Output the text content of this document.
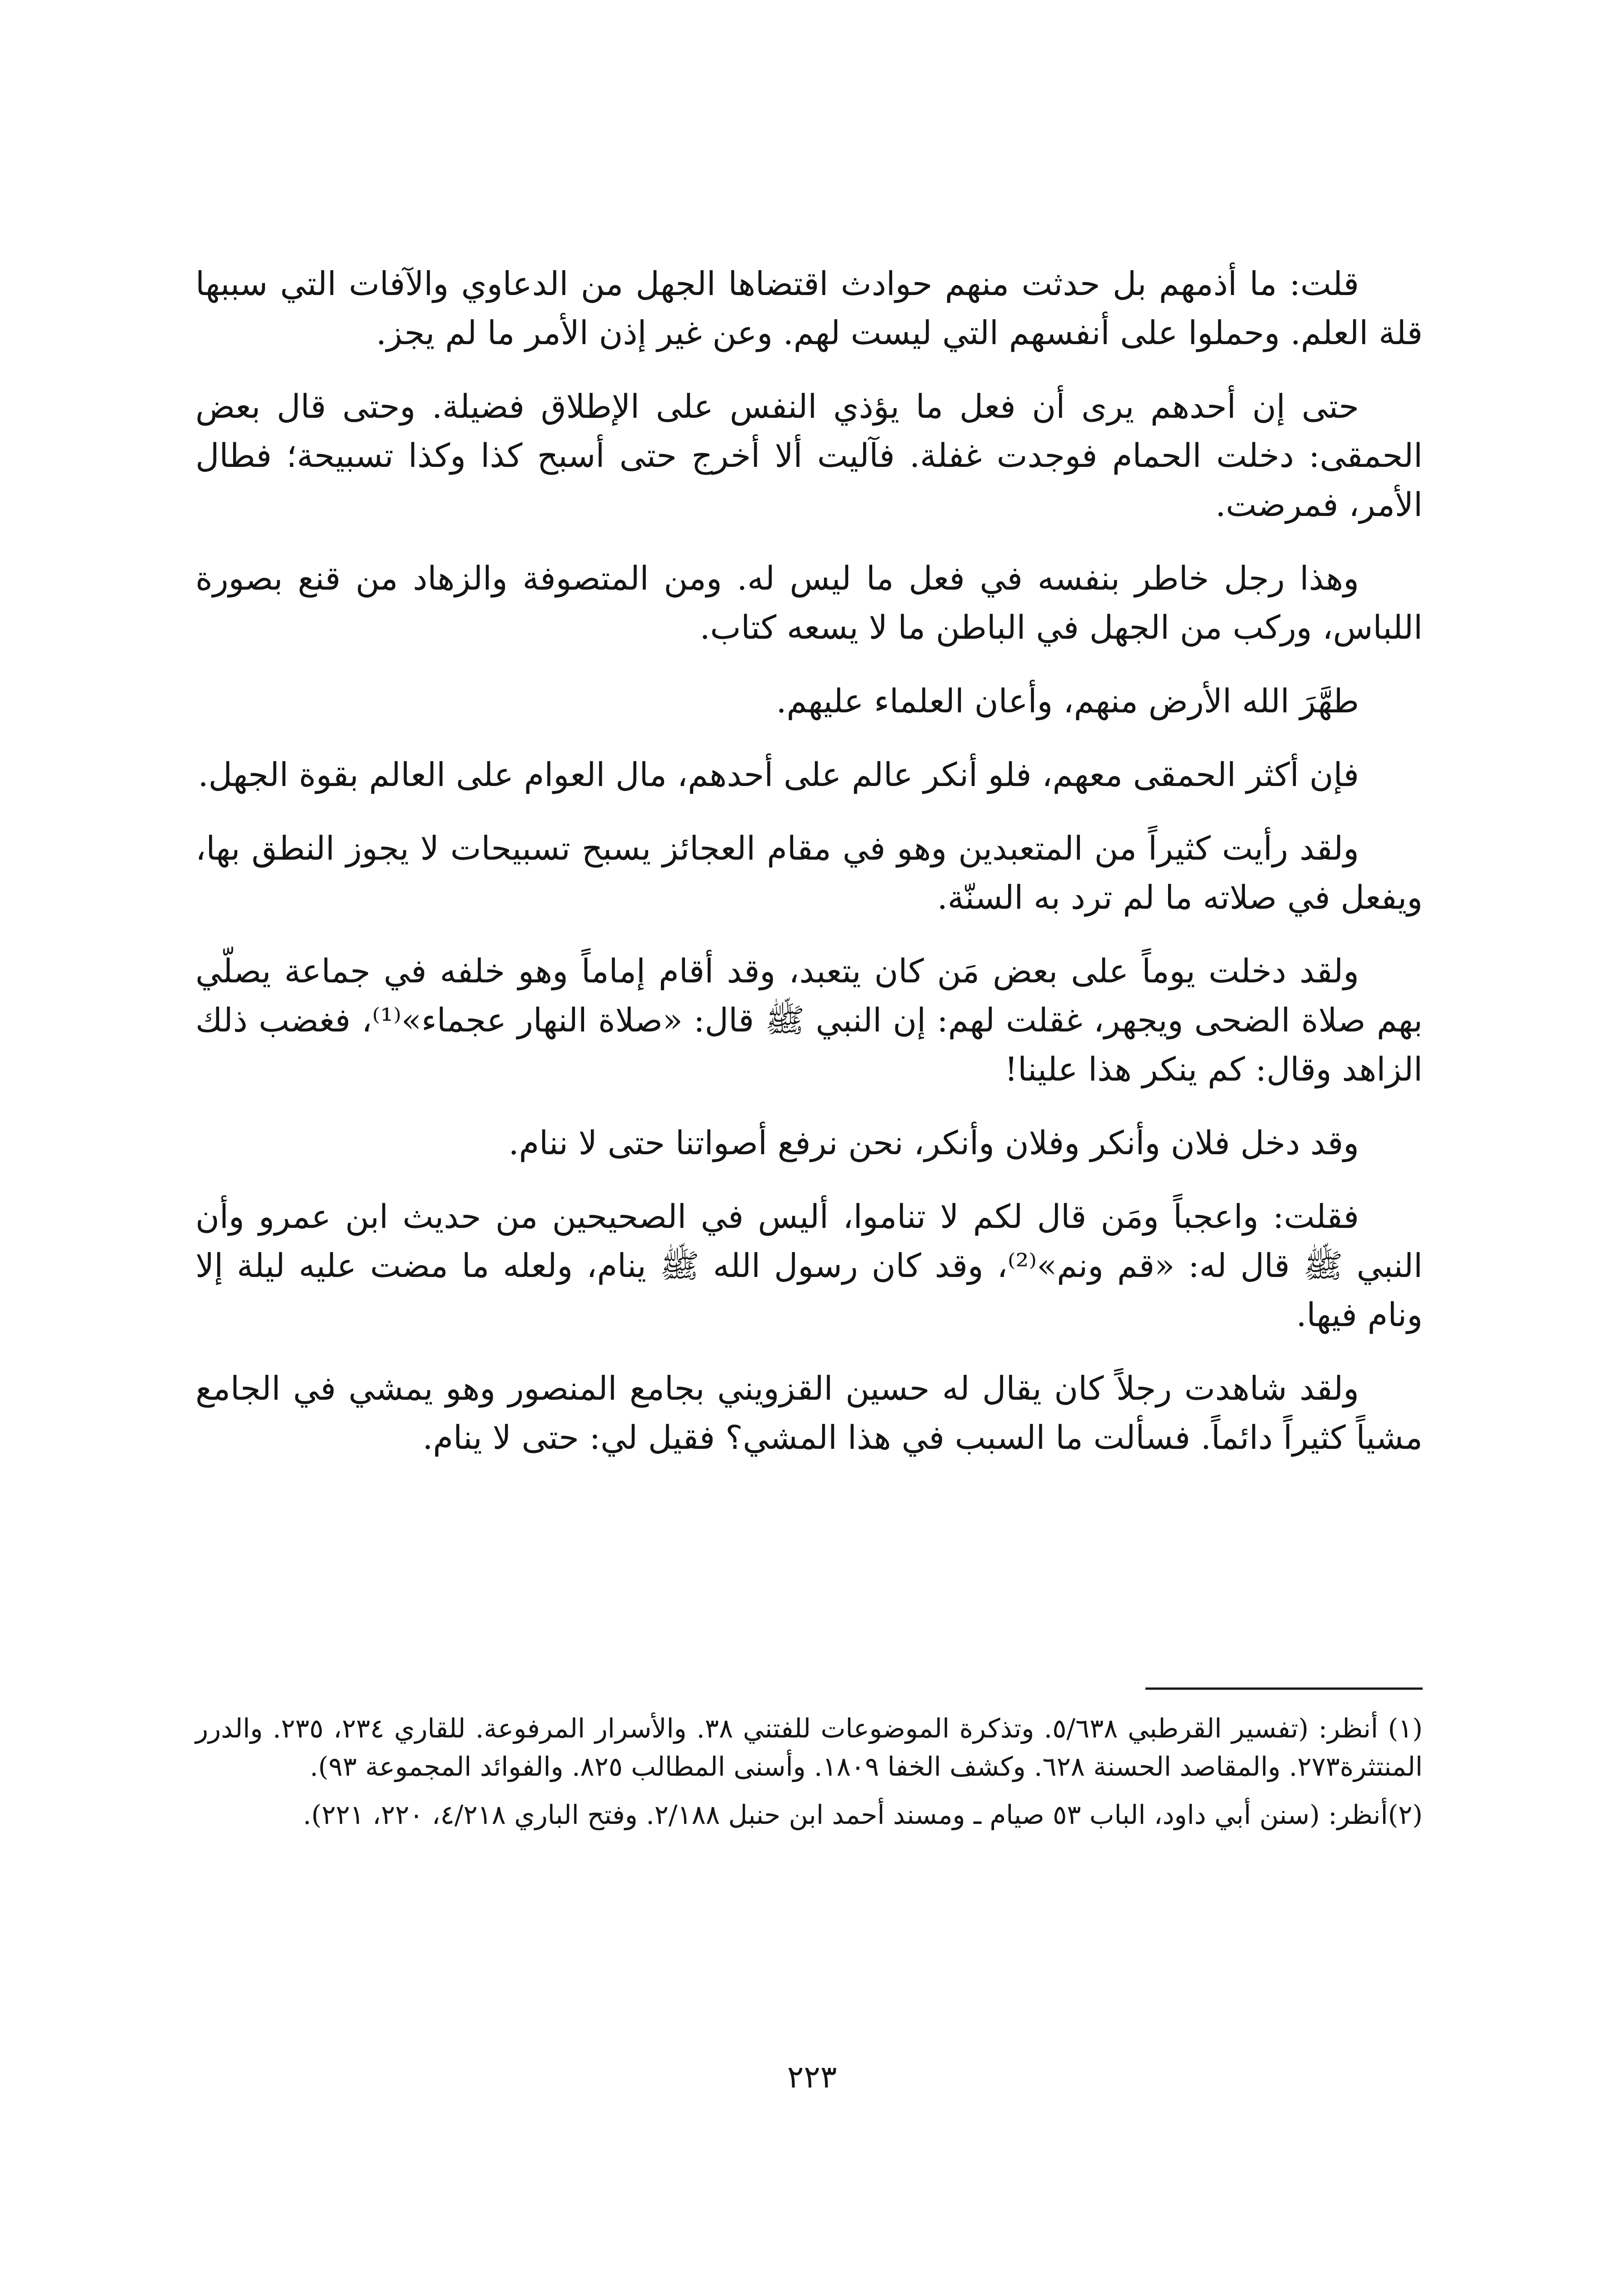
قلت: ما أذمهم بل حدثت منهم حوادث اقتضاها الجهل من الدعاوي والآفات التي سببها قلة العلم. وحملوا على أنفسهم التي ليست لهم. وعن غير إذن الأمر ما لم يجز.

حتى إن أحدهم يرى أن فعل ما يؤذي النفس على الإطلاق فضيلة. وحتى قال بعض الحمقى: دخلت الحمام فوجدت غفلة. فآليت ألا أخرج حتى أسبح كذا وكذا تسبيحة؛ فطال الأمر، فمرضت.

وهذا رجل خاطر بنفسه في فعل ما ليس له. ومن المتصوفة والزهاد من قنع بصورة اللباس، وركب من الجهل في الباطن ما لا يسعه كتاب.

طهَّرَ الله الأرض منهم، وأعان العلماء عليهم.

فإن أكثر الحمقى معهم، فلو أنكر عالم على أحدهم، مال العوام على العالم بقوة الجهل.

ولقد رأيت كثيراً من المتعبدين وهو في مقام العجائز يسبح تسبيحات لا يجوز النطق بها، ويفعل في صلاته ما لم ترد به السنّة.

ولقد دخلت يوماً على بعض مَن كان يتعبد، وقد أقام إماماً وهو خلفه في جماعة يصلّي بهم صلاة الضحى ويجهر، غقلت لهم: إن النبي ﷺ قال: «صلاة النهار عجماء»⁽¹⁾، فغضب ذلك الزاهد وقال: كم ينكر هذا علينا!

وقد دخل فلان وأنكر وفلان وأنكر، نحن نرفع أصواتنا حتى لا ننام.

فقلت: واعجباً ومَن قال لكم لا تناموا، أليس في الصحيحين من حديث ابن عمرو وأن النبي ﷺ قال له: «قم ونم»⁽²⁾، وقد كان رسول الله ﷺ ينام، ولعله ما مضت عليه ليلة إلا ونام فيها.

ولقد شاهدت رجلاً كان يقال له حسين القزويني بجامع المنصور وهو يمشي في الجامع مشياً كثيراً دائماً. فسألت ما السبب في هذا المشي؟ فقيل لي: حتى لا ينام.

(١) أنظر: (تفسير القرطبي ٥/٦٣٨. وتذكرة الموضوعات للفتني ٣٨. والأسرار المرفوعة. للقاري ٢٣٤، ٢٣٥. والدرر المنتثرة٢٧٣. والمقاصد الحسنة ٦٢٨. وكشف الخفا ١٨٠٩. وأسنى المطالب ٨٢٥. والفوائد المجموعة ٩٣).

(٢)أنظر: (سنن أبي داود، الباب ٥٣ صيام ـ ومسند أحمد ابن حنبل ٢/١٨٨. وفتح الباري ٤/٢١٨، ٢٢٠، ٢٢١).

٢٢٣
